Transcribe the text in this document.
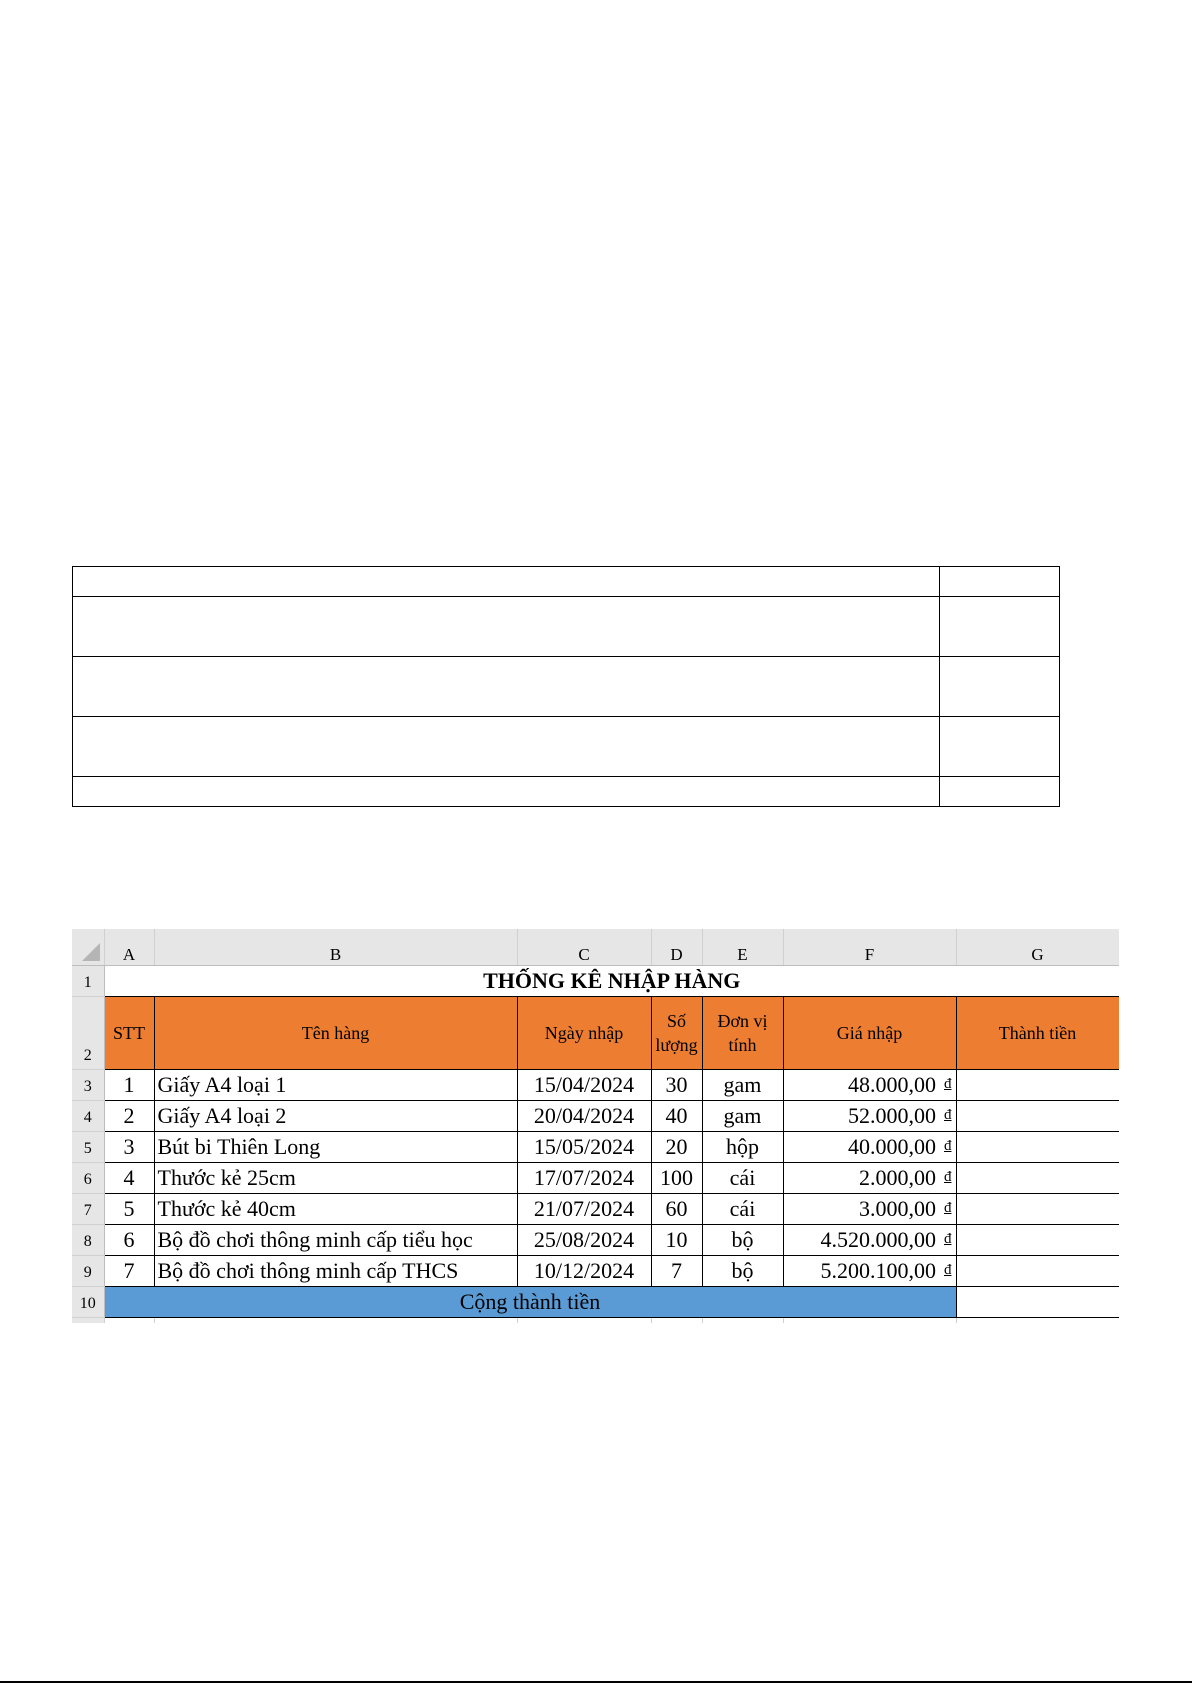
	A	B	C	D	E	F	G
1	THỐNG KÊ NHẬP HÀNG						
2	STT	Tên hàng	Ngày nhập	Số lượng	Đơn vị tính	Giá nhập	Thành tiền
3	1	Giấy A4 loại 1	15/04/2024	30	gam	48.000,00 đ	
4	2	Giấy A4 loại 2	20/04/2024	40	gam	52.000,00 đ	
5	3	Bút bi Thiên Long	15/05/2024	20	hộp	40.000,00 đ	
6	4	Thước kẻ 25cm	17/07/2024	100	cái	2.000,00 đ	
7	5	Thước kẻ 40cm	21/07/2024	60	cái	3.000,00 đ	
8	6	Bộ đồ chơi thông minh cấp tiểu học	25/08/2024	10	bộ	4.520.000,00 đ	
9	7	Bộ đồ chơi thông minh cấp THCS	10/12/2024	7	bộ	5.200.100,00 đ	
10	Cộng thành tiền						
